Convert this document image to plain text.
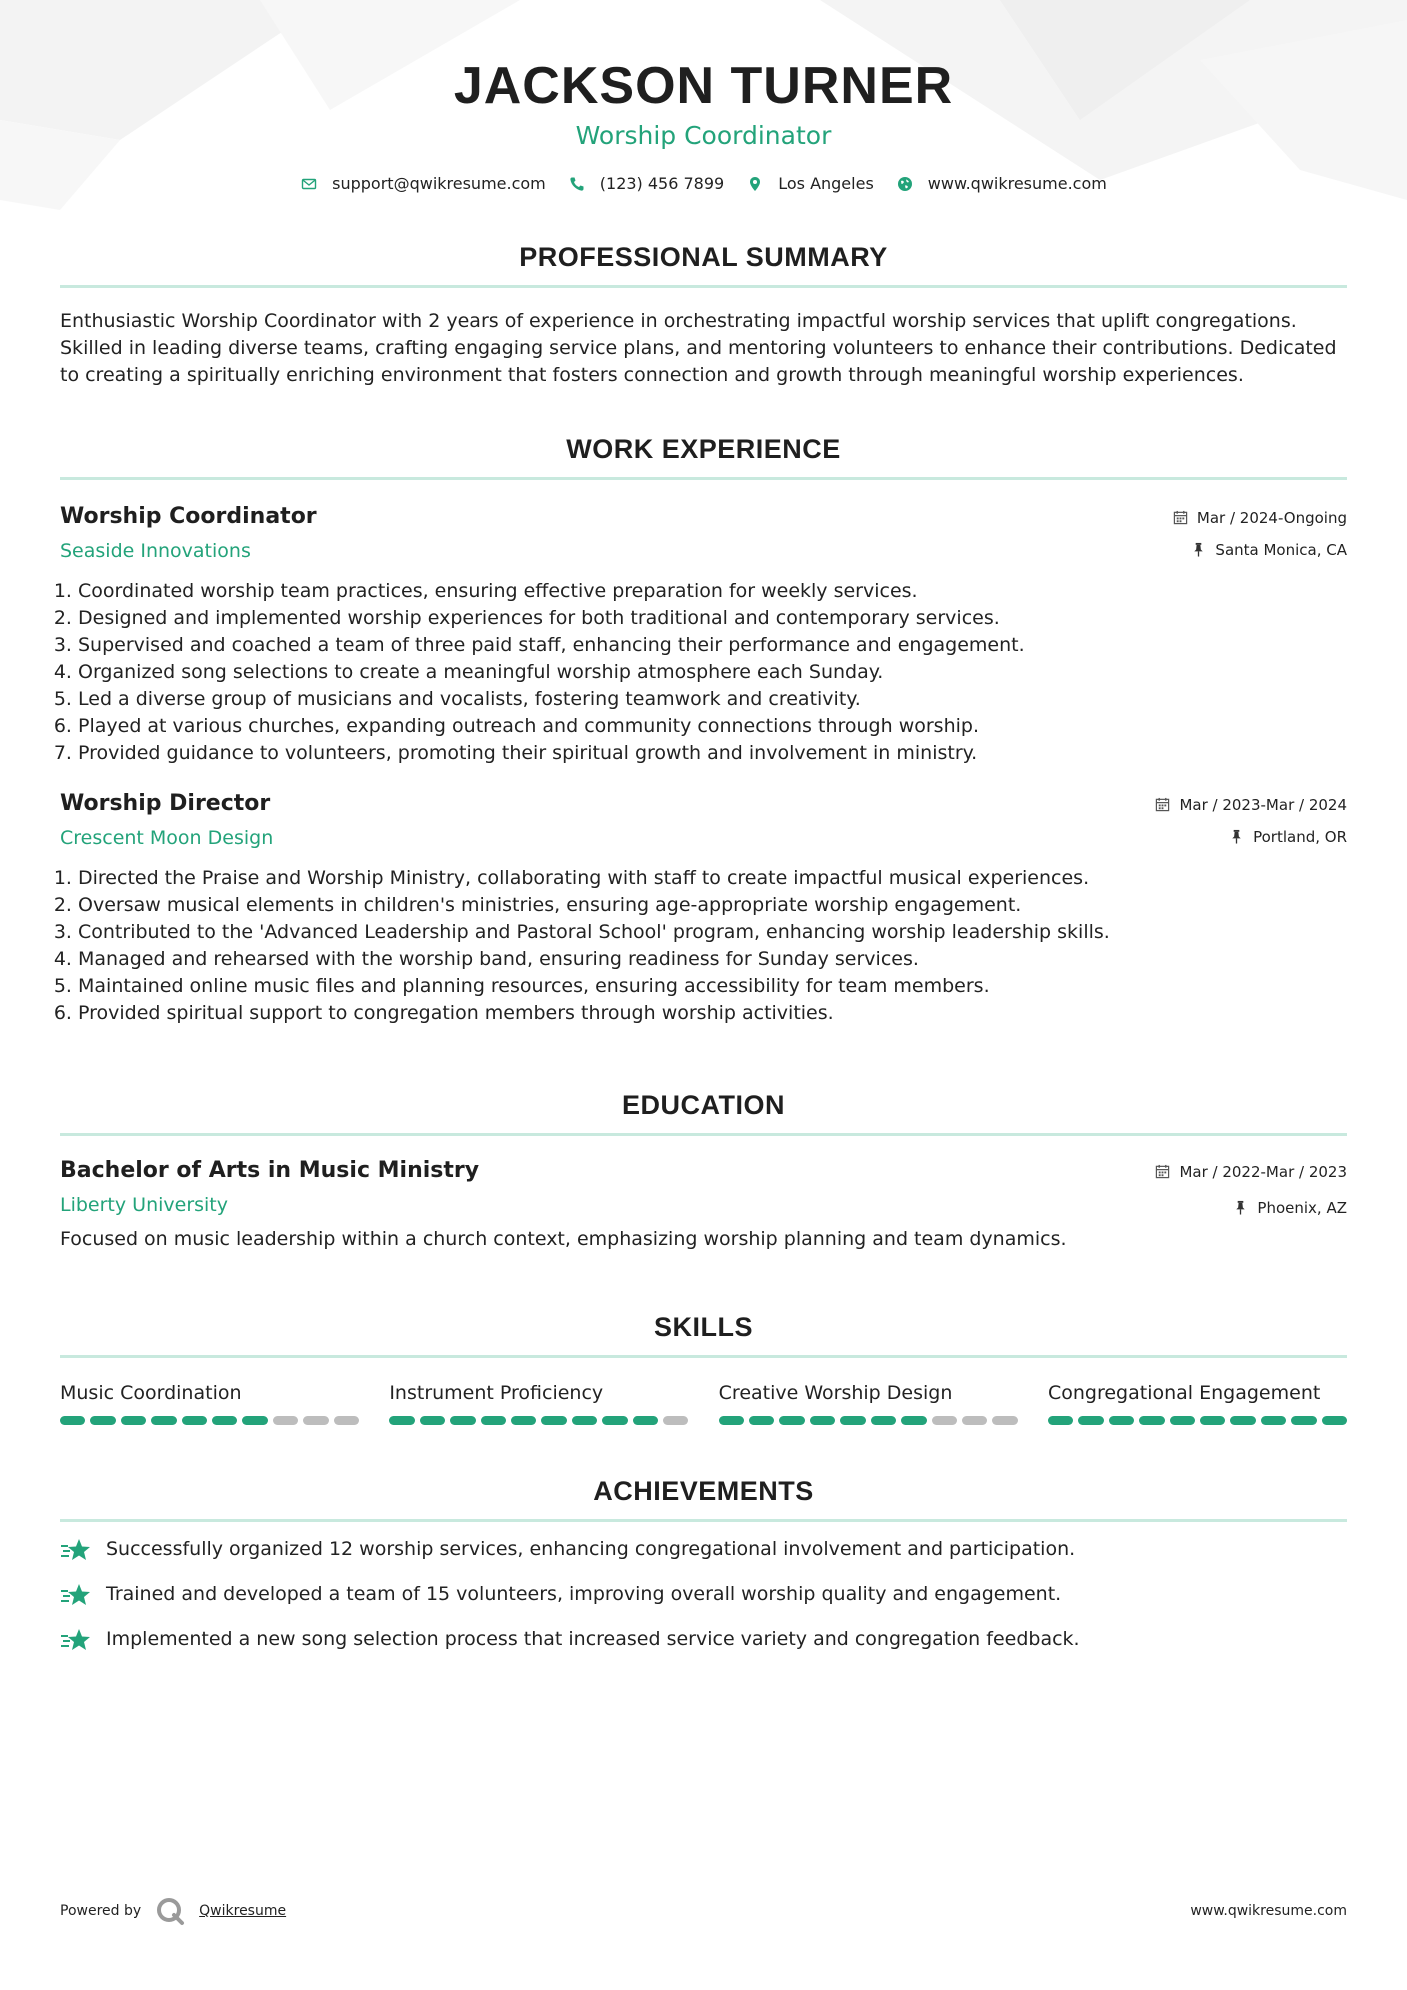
JACKSON TURNER
Worship Coordinator
support@qwikresume.com	(123) 456 7899	Los Angeles	www.qwikresume.com
PROFESSIONAL SUMMARY
Enthusiastic Worship Coordinator with 2 years of experience in orchestrating impactful worship services that uplift congregations. Skilled in leading diverse teams, crafting engaging service plans, and mentoring volunteers to enhance their contributions. Dedicated to creating a spiritually enriching environment that fosters connection and growth through meaningful worship experiences.
WORK EXPERIENCE
Worship Coordinator
Seaside Innovations
Mar / 2024-Ongoing
Santa Monica, CA
1. Coordinated worship team practices, ensuring effective preparation for weekly services.
2. Designed and implemented worship experiences for both traditional and contemporary services.
3. Supervised and coached a team of three paid staff, enhancing their performance and engagement.
4. Organized song selections to create a meaningful worship atmosphere each Sunday.
5. Led a diverse group of musicians and vocalists, fostering teamwork and creativity.
6. Played at various churches, expanding outreach and community connections through worship.
7. Provided guidance to volunteers, promoting their spiritual growth and involvement in ministry.
Worship Director
Crescent Moon Design
Mar / 2023-Mar / 2024
Portland, OR
1. Directed the Praise and Worship Ministry, collaborating with staff to create impactful musical experiences.
2. Oversaw musical elements in children's ministries, ensuring age-appropriate worship engagement.
3. Contributed to the 'Advanced Leadership and Pastoral School' program, enhancing worship leadership skills.
4. Managed and rehearsed with the worship band, ensuring readiness for Sunday services.
5. Maintained online music files and planning resources, ensuring accessibility for team members.
6. Provided spiritual support to congregation members through worship activities.
EDUCATION
Bachelor of Arts in Music Ministry
Liberty University
Mar / 2022-Mar / 2023
Phoenix, AZ
Focused on music leadership within a church context, emphasizing worship planning and team dynamics.
SKILLS
Music Coordination	Instrument Proficiency	Creative Worship Design	Congregational Engagement
ACHIEVEMENTS
Successfully organized 12 worship services, enhancing congregational involvement and participation.
Trained and developed a team of 15 volunteers, improving overall worship quality and engagement.
Implemented a new song selection process that increased service variety and congregation feedback.
Powered by	Qwikresume	www.qwikresume.com
